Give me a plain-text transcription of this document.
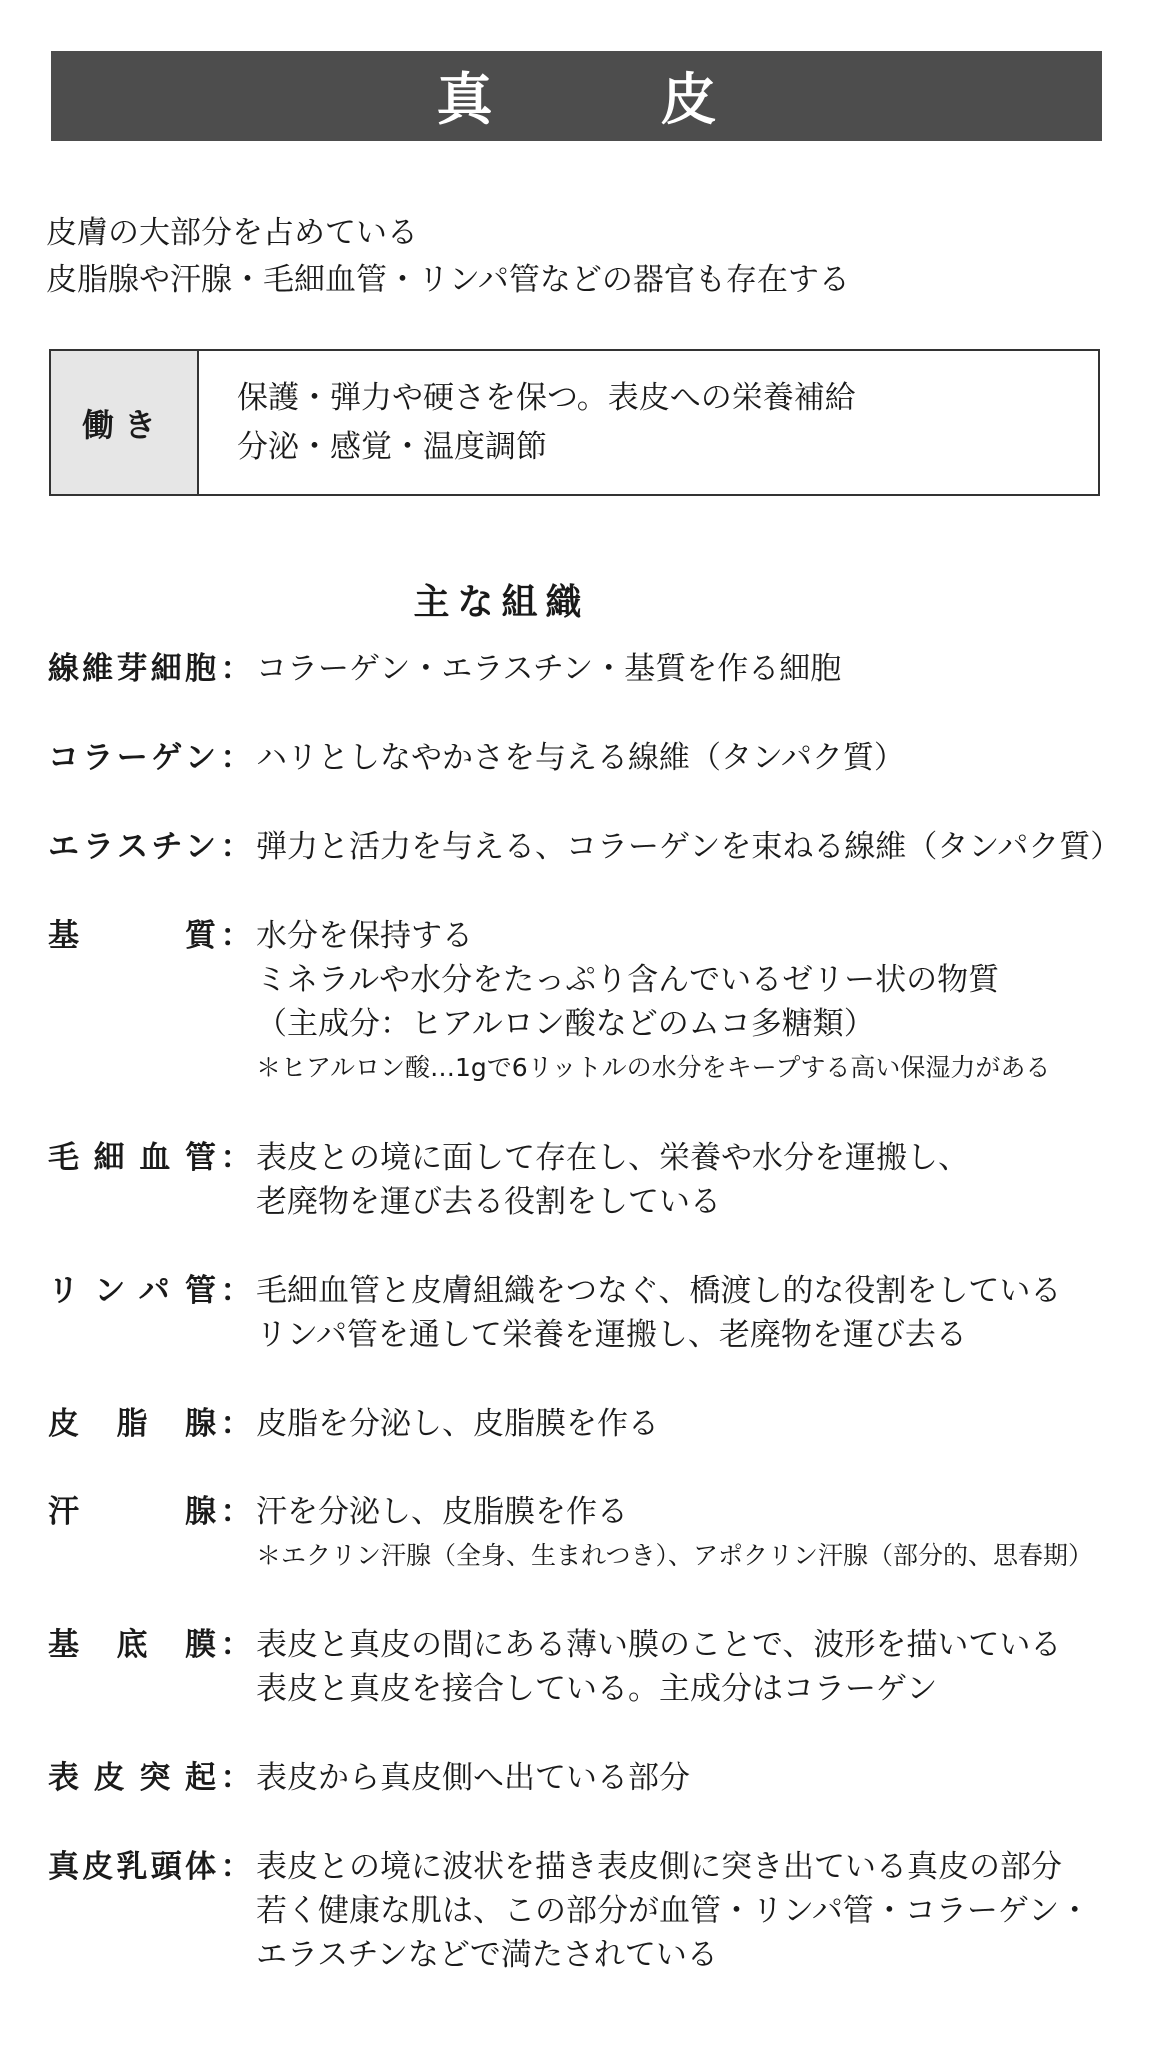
真　皮
皮膚の大部分を占めている
皮脂腺や汗腺・毛細血管・リンパ管などの器官も存在する
働き
保護・弾力や硬さを保つ。表皮への栄養補給
分泌・感覚・温度調節
主な組織
線維芽細胞 ： コラーゲン・エラスチン・基質を作る細胞
コラーゲン ： ハリとしなやかさを与える線維（タンパク質）
エラスチン ： 弾力と活力を与える、コラーゲンを束ねる線維（タンパク質）
基質 ： 水分を保持する
ミネラルや水分をたっぷり含んでいるゼリー状の物質
（主成分：ヒアルロン酸などのムコ多糖類）
＊ヒアルロン酸…1gで6リットルの水分をキープする高い保湿力がある
毛細血管 ： 表皮との境に面して存在し、栄養や水分を運搬し、
老廃物を運び去る役割をしている
リンパ管 ： 毛細血管と皮膚組織をつなぐ、橋渡し的な役割をしている
リンパ管を通して栄養を運搬し、老廃物を運び去る
皮脂腺 ： 皮脂を分泌し、皮脂膜を作る
汗腺 ： 汗を分泌し、皮脂膜を作る
＊エクリン汗腺（全身、生まれつき）、アポクリン汗腺（部分的、思春期）
基底膜 ： 表皮と真皮の間にある薄い膜のことで、波形を描いている
表皮と真皮を接合している。主成分はコラーゲン
表皮突起 ： 表皮から真皮側へ出ている部分
真皮乳頭体 ： 表皮との境に波状を描き表皮側に突き出ている真皮の部分
若く健康な肌は、この部分が血管・リンパ管・コラーゲン・
エラスチンなどで満たされている
